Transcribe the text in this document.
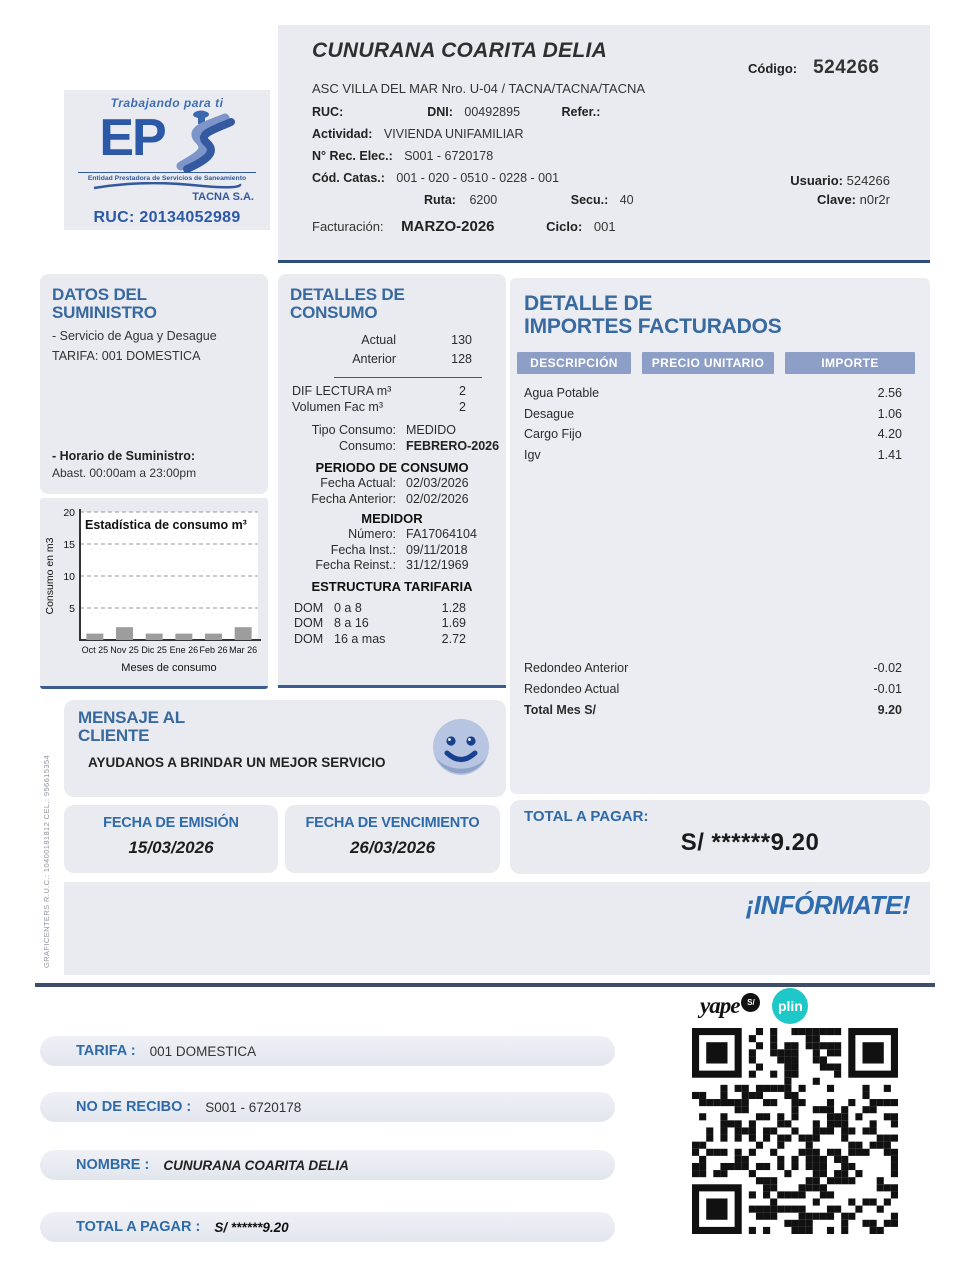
Trabajando para ti
EP
Entidad Prestadora de Servicios de Saneamiento
TACNA S.A.
RUC: 20134052989
CUNURANA COARITA DELIA
ASC VILLA DEL MAR Nro. U-04 / TACNA/TACNA/TACNA
RUC:	DNI: 00492895	Refer.:
Actividad: VIVIENDA UNIFAMILIAR
N° Rec. Elec.: S001 - 6720178
Cód. Catas.: 001 - 020 - 0510 - 0228 - 001
Ruta: 6200	Secu.: 40
Facturación: MARZO-2026	Ciclo: 001
Código: 524266
Usuario: 524266
Clave: n0r2r
DATOS DEL
SUMINISTRO
- Servicio de Agua y Desague
TARIFA: 001 DOMESTICA
- Horario de Suministro:
Abast. 00:00am a 23:00pm
5
10
15
20
Oct 25 Nov 25 Dic 25 Ene 26 Feb 26 Mar 26
Estadística de consumo m³
Meses de consumo
Consumo en m3
DETALLES DE
CONSUMO
Actual	130
Anterior	128
DIF LECTURA m³	2
Volumen Fac m³	2
Tipo Consumo: MEDIDO
Consumo: FEBRERO-2026
PERIODO DE CONSUMO
Fecha Actual: 02/03/2026
Fecha Anterior: 02/02/2026
MEDIDOR
Número: FA17064104
Fecha Inst.: 09/11/2018
Fecha Reinst.: 31/12/1969
ESTRUCTURA TARIFARIA
DOM 0 a 8	1.28
DOM 8 a 16	1.69
DOM 16 a mas	2.72
DETALLE DE
IMPORTES FACTURADOS
DESCRIPCIÓN	PRECIO UNITARIO	IMPORTE
Agua Potable	2.56
Desague	1.06
Cargo Fijo	4.20
Igv	1.41
Redondeo Anterior	-0.02
Redondeo Actual	-0.01
Total Mes S/	9.20
MENSAJE AL
CLIENTE
AYUDANOS A BRINDAR UN MEJOR SERVICIO
FECHA DE EMISIÓN
15/03/2026
FECHA DE VENCIMIENTO
26/03/2026
TOTAL A PAGAR:
S/ ******9.20
¡INFÓRMATE!
GRAFICENTERS R.U.C.: 10400181812 CEL.: 956615354
yape S/	plin
TARIFA : 001 DOMESTICA
NO DE RECIBO : S001 - 6720178
NOMBRE : CUNURANA COARITA DELIA
TOTAL A PAGAR : S/ ******9.20
